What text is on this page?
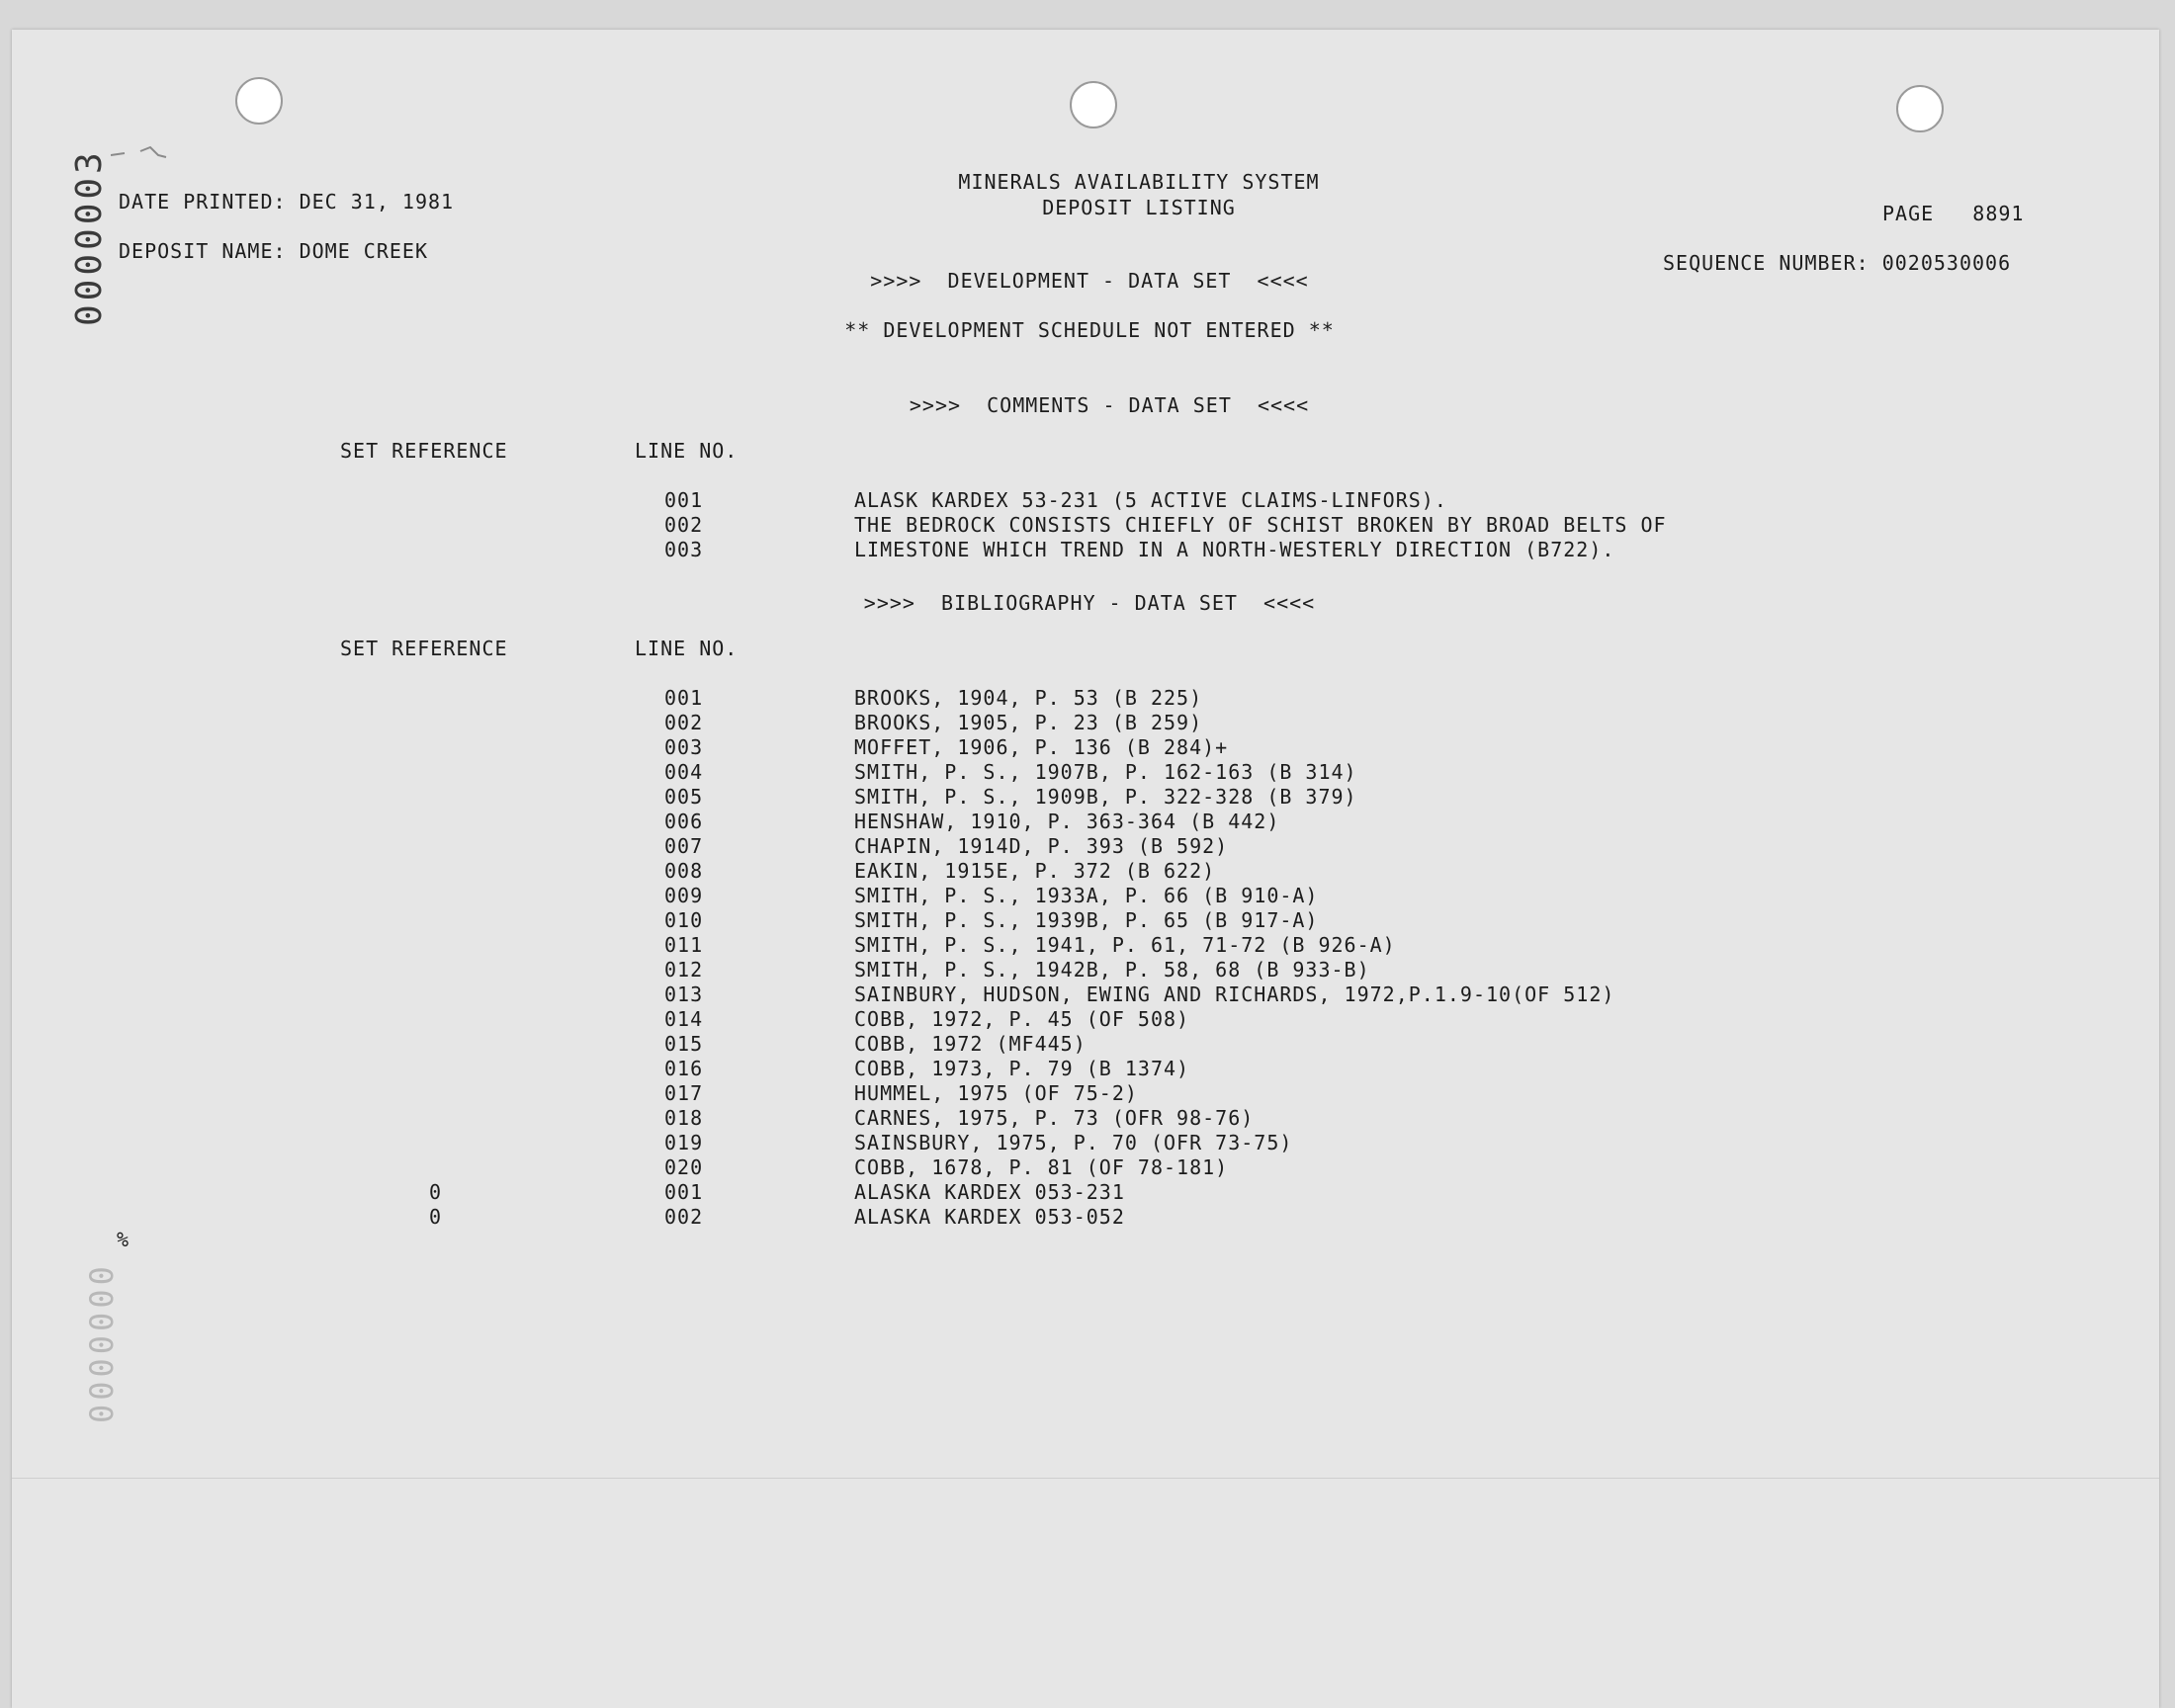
0000003
0000000
%
DATE PRINTED: DEC 31, 1981
DEPOSIT NAME: DOME CREEK
MINERALS AVAILABILITY SYSTEM
DEPOSIT LISTING	PAGE   8891
SEQUENCE NUMBER: 0020530006
>>>>  DEVELOPMENT - DATA SET  <<<<
** DEVELOPMENT SCHEDULE NOT ENTERED **
>>>>  COMMENTS - DATA SET  <<<<
SET REFERENCE	LINE NO.
001	ALASK KARDEX 53-231 (5 ACTIVE CLAIMS-LINFORS).
002	THE BEDROCK CONSISTS CHIEFLY OF SCHIST BROKEN BY BROAD BELTS OF
003	LIMESTONE WHICH TREND IN A NORTH-WESTERLY DIRECTION (B722).
>>>>  BIBLIOGRAPHY - DATA SET  <<<<
SET REFERENCE	LINE NO.
001	BROOKS, 1904, P. 53 (B 225)
002	BROOKS, 1905, P. 23 (B 259)
003	MOFFET, 1906, P. 136 (B 284)+
004	SMITH, P. S., 1907B, P. 162-163 (B 314)
005	SMITH, P. S., 1909B, P. 322-328 (B 379)
006	HENSHAW, 1910, P. 363-364 (B 442)
007	CHAPIN, 1914D, P. 393 (B 592)
008	EAKIN, 1915E, P. 372 (B 622)
009	SMITH, P. S., 1933A, P. 66 (B 910-A)
010	SMITH, P. S., 1939B, P. 65 (B 917-A)
011	SMITH, P. S., 1941, P. 61, 71-72 (B 926-A)
012	SMITH, P. S., 1942B, P. 58, 68 (B 933-B)
013	SAINBURY, HUDSON, EWING AND RICHARDS, 1972,P.1.9-10(OF 512)
014	COBB, 1972, P. 45 (OF 508)
015	COBB, 1972 (MF445)
016	COBB, 1973, P. 79 (B 1374)
017	HUMMEL, 1975 (OF 75-2)
018	CARNES, 1975, P. 73 (OFR 98-76)
019	SAINSBURY, 1975, P. 70 (OFR 73-75)
020	COBB, 1678, P. 81 (OF 78-181)
0	001	ALASKA KARDEX 053-231
0	002	ALASKA KARDEX 053-052
